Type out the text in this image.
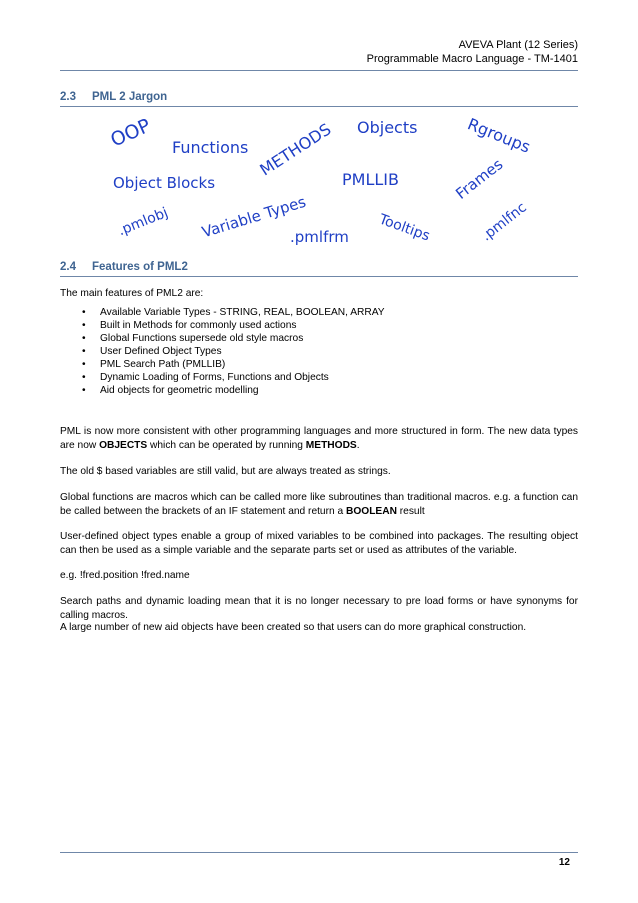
AVEVA Plant (12 Series)
Programmable Macro Language - TM-1401
2.3 PML 2 Jargon
OOP Functions METHODS Objects	Rgroups
Object Blocks	PMLLIB	Frames
Variable Types
.pmlobj	.pmlfrm Tooltips	.pmlfnc
2.4 Features of PML2

The main features of PML2 are:

• Available Variable Types - STRING, REAL, BOOLEAN, ARRAY
• Built in Methods for commonly used actions
• Global Functions supersede old style macros
• User Defined Object Types
• PML Search Path (PMLLIB)
• Dynamic Loading of Forms, Functions and Objects
• Aid objects for geometric modelling

PML is now more consistent with other programming languages and more structured in form. The new data types are now OBJECTS which can be operated by running METHODS.

The old $ based variables are still valid, but are always treated as strings.

Global functions are macros which can be called more like subroutines than traditional macros. e.g. a function can be called between the brackets of an IF statement and return a BOOLEAN result

User-defined object types enable a group of mixed variables to be combined into packages. The resulting object can then be used as a simple variable and the separate parts set or used as attributes of the variable.

e.g. !fred.position !fred.name

Search paths and dynamic loading mean that it is no longer necessary to pre load forms or have synonyms for calling macros.

A large number of new aid objects have been created so that users can do more graphical construction.

12
